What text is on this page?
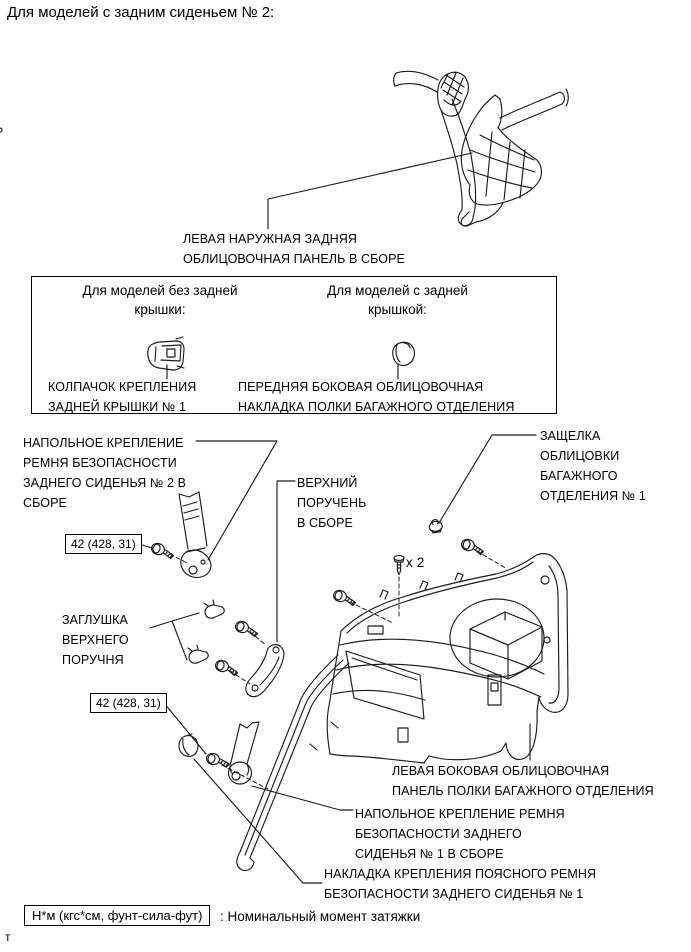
Для моделей с задним сиденьем № 2:
ЛЕВАЯ НАРУЖНАЯ ЗАДНЯЯ
ОБЛИЦОВОЧНАЯ ПАНЕЛЬ В СБОРЕ
Для моделей без задней крышки:
Для моделей с задней крышкой:
КОЛПАЧОК КРЕПЛЕНИЯ
ЗАДНЕЙ КРЫШКИ № 1
ПЕРЕДНЯЯ БОКОВАЯ ОБЛИЦОВОЧНАЯ
НАКЛАДКА ПОЛКИ БАГАЖНОГО ОТДЕЛЕНИЯ
НАПОЛЬНОЕ КРЕПЛЕНИЕ
РЕМНЯ БЕЗОПАСНОСТИ
ЗАДНЕГО СИДЕНЬЯ № 2 В
СБОРЕ
ВЕРХНИЙ
ПОРУЧЕНЬ
В СБОРЕ
ЗАЩЕЛКА
ОБЛИЦОВКИ
БАГАЖНОГО
ОТДЕЛЕНИЯ № 1
ЗАГЛУШКА
ВЕРХНЕГО
ПОРУЧНЯ
x 2
ЛЕВАЯ БОКОВАЯ ОБЛИЦОВОЧНАЯ
ПАНЕЛЬ ПОЛКИ БАГАЖНОГО ОТДЕЛЕНИЯ
НАПОЛЬНОЕ КРЕПЛЕНИЕ РЕМНЯ
БЕЗОПАСНОСТИ ЗАДНЕГО
СИДЕНЬЯ № 1 В СБОРЕ
НАКЛАДКА КРЕПЛЕНИЯ ПОЯСНОГО РЕМНЯ
БЕЗОПАСНОСТИ ЗАДНЕГО СИДЕНЬЯ № 1
42 (428, 31)
42 (428, 31)
Н*м (кгс*см, фунт-сила-фут)	: Номинальный момент затяжки
т
